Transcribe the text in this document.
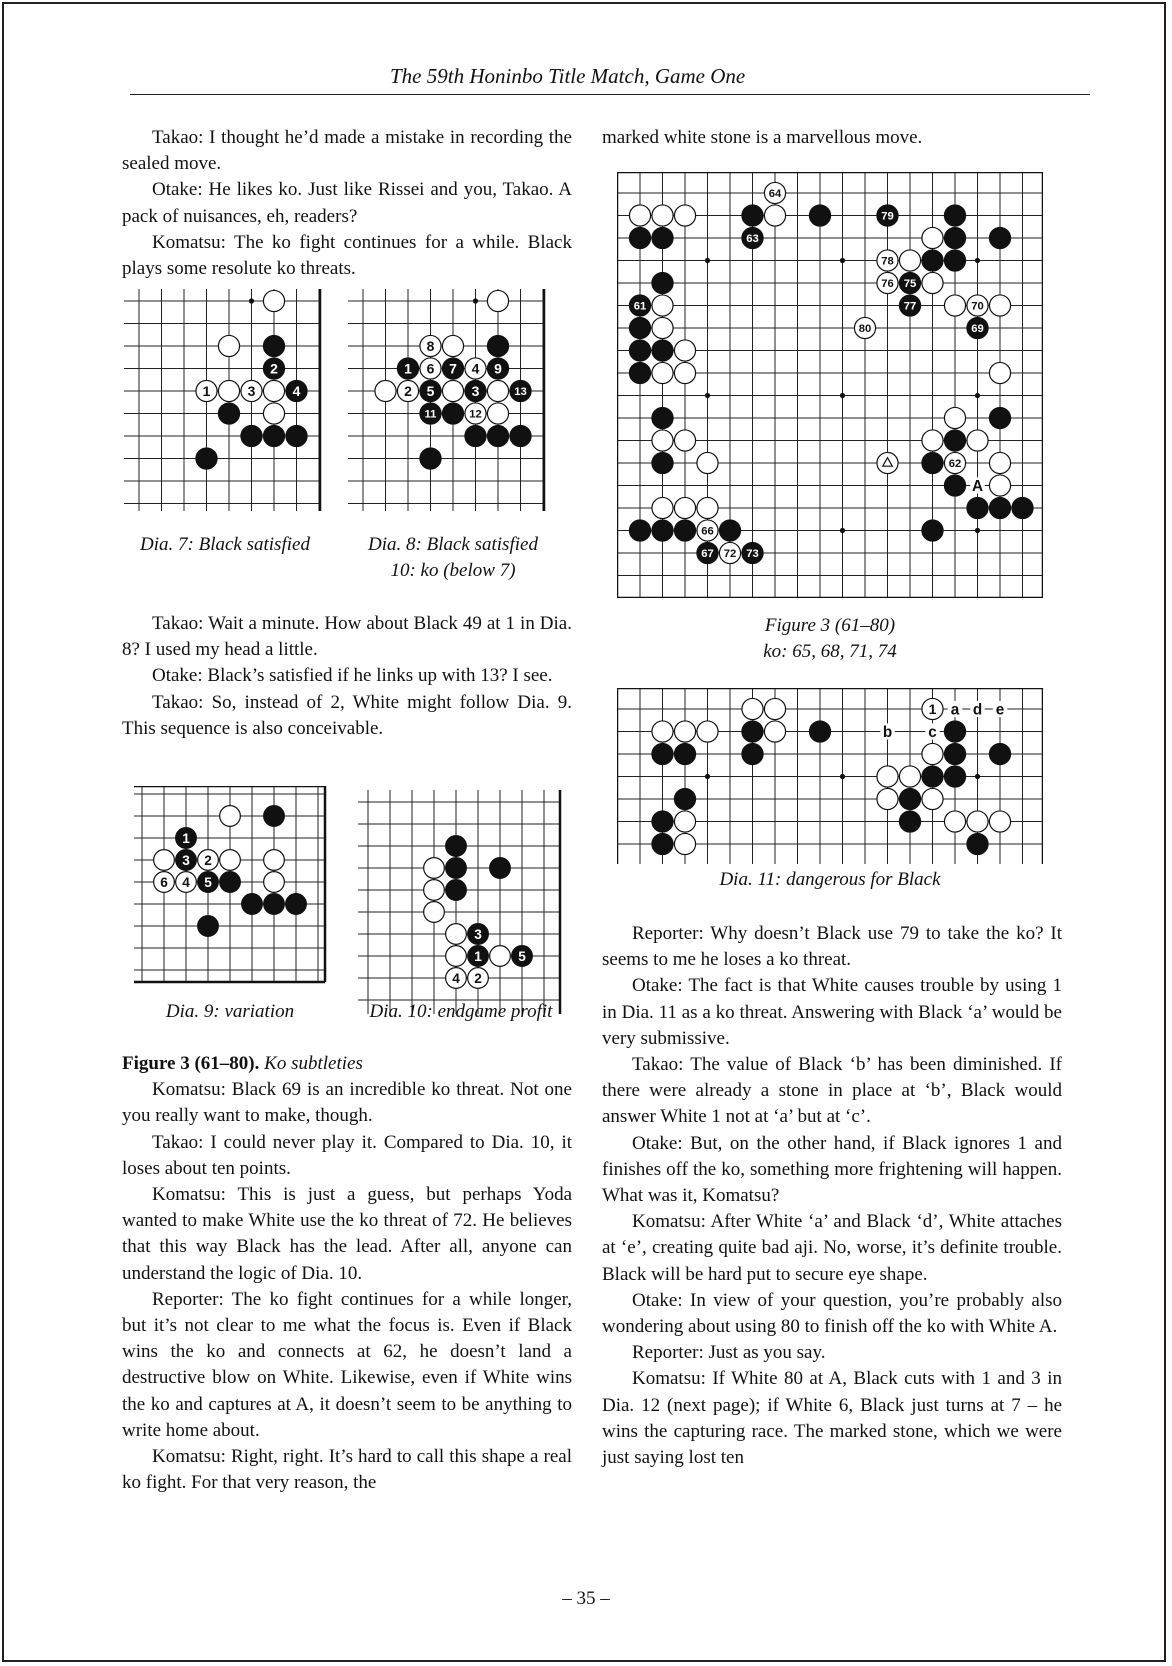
The 59th Honinbo Title Match, Game One

Takao: I thought he’d made a mistake in recording the sealed move.

Otake: He likes ko. Just like Rissei and you, Takao. A pack of nuisances, eh, readers?

Komatsu: The ko fight continues for a while. Black plays some resolute ko threats.

2
1	3	4
8
1 6 7 4 9
2 5	3	13
11	12
Dia. 7: Black satisfied	Dia. 8: Black satisfied
10: ko (below 7)

Takao: Wait a minute. How about Black 49 at 1 in Dia. 8? I used my head a little.

Otake: Black’s satisfied if he links up with 13? I see.

Takao: So, instead of 2, White might follow Dia. 9. This sequence is also conceivable.

1
3 2
6 4 5
3
1	5
4 2
Dia. 9: variation	Dia. 10: endgame profit

Figure 3 (61–80). Ko subtleties

Komatsu: Black 69 is an incredible ko threat. Not one you really want to make, though.

Takao: I could never play it. Compared to Dia. 10, it loses about ten points.

Komatsu: This is just a guess, but perhaps Yoda wanted to make White use the ko threat of 72. He believes that this way Black has the lead. After all, anyone can understand the logic of Dia. 10.

Reporter: The ko fight continues for a while longer, but it’s not clear to me what the focus is. Even if Black wins the ko and connects at 62, he doesn’t land a destructive blow on White. Likewise, even if White wins the ko and captures at A, it doesn’t seem to be anything to write home about.

Komatsu: Right, right. It’s hard to call this shape a real ko fight. For that very reason, the

marked white stone is a marvellous move.

64
79
63
78
76 75
61	77	70
80	69
62
66
67 72 73
A
Figure 3 (61–80)
ko: 65, 68, 71, 74
1 a d e
b c
Dia. 11: dangerous for Black

Reporter: Why doesn’t Black use 79 to take the ko? It seems to me he loses a ko threat.

Otake: The fact is that White causes trouble by using 1 in Dia. 11 as a ko threat. Answering with Black ‘a’ would be very submissive.

Takao: The value of Black ‘b’ has been diminished. If there were already a stone in place at ‘b’, Black would answer White 1 not at ‘a’ but at ‘c’.

Otake: But, on the other hand, if Black ignores 1 and finishes off the ko, something more frightening will happen. What was it, Komatsu?

Komatsu: After White ‘a’ and Black ‘d’, White attaches at ‘e’, creating quite bad aji. No, worse, it’s definite trouble. Black will be hard put to secure eye shape.

Otake: In view of your question, you’re probably also wondering about using 80 to finish off the ko with White A.

Reporter: Just as you say.

Komatsu: If White 80 at A, Black cuts with 1 and 3 in Dia. 12 (next page); if White 6, Black just turns at 7 – he wins the capturing race. The marked stone, which we were just saying lost ten

– 35 –
